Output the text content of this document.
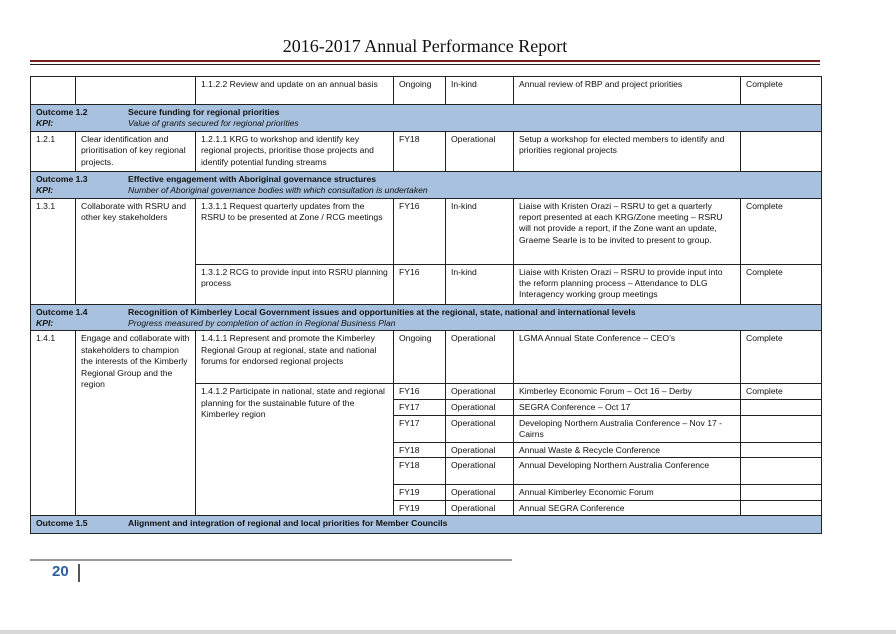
2016-2017 Annual Performance Report
		1.1.2.2 Review and update on an annual basis	Ongoing	In-kind	Annual review of RBP and project priorities	Complete

Outcome 1.2 Secure funding for regional priorities						

KPI: Value of grants secured for regional priorities						

1.2.1	Clear identification and prioritisation of key regional projects.	1.2.1.1 KRG to workshop and identify key regional projects, prioritise those projects and identify potential funding streams	FY18	Operational	Setup a workshop for elected members to identify and priorities regional projects	

Outcome 1.3 Effective engagement with Aboriginal governance structures						

KPI: Number of Aboriginal governance bodies with which consultation is undertaken						

1.3.1	Collaborate with RSRU and other key stakeholders	1.3.1.1 Request quarterly updates from the RSRU to be presented at Zone / RCG meetings	FY16	In-kind	Liaise with Kristen Orazi – RSRU to get a quarterly report presented at each KRG/Zone meeting – RSRU will not provide a report, if the Zone want an update, Graeme Searle is to be invited to present to group.	Complete
		1.3.1.2 RCG to provide input into RSRU planning process	FY16	In-kind	Liaise with Kristen Orazi – RSRU to provide input into the reform planning process – Attendance to DLG Interagency working group meetings	Complete

Outcome 1.4 Recognition of Kimberley Local Government issues and opportunities at the regional, state, national and international levels						

KPI: Progress measured by completion of action in Regional Business Plan						

1.4.1	Engage and collaborate with stakeholders to champion the interests of the Kimberly Regional Group and the region	1.4.1.1 Represent and promote the Kimberley Regional Group at regional, state and national forums for endorsed regional projects	Ongoing	Operational	LGMA Annual State Conference – CEO’s	Complete
		1.4.1.2 Participate in national, state and regional planning for the sustainable future of the Kimberley region	FY16	Operational	Kimberley Economic Forum – Oct 16 – Derby	Complete
			FY17	Operational	SEGRA Conference – Oct 17	
			FY17	Operational	Developing Northern Australia Conference – Nov 17 - Cairns	
			FY18	Operational	Annual Waste & Recycle Conference	
			FY18	Operational	Annual Developing Northern Australia Conference	
			FY19	Operational	Annual Kimberley Economic Forum	
			FY19	Operational	Annual SEGRA Conference	

Outcome 1.5 Alignment and integration of regional and local priorities for Member Councils						
20
